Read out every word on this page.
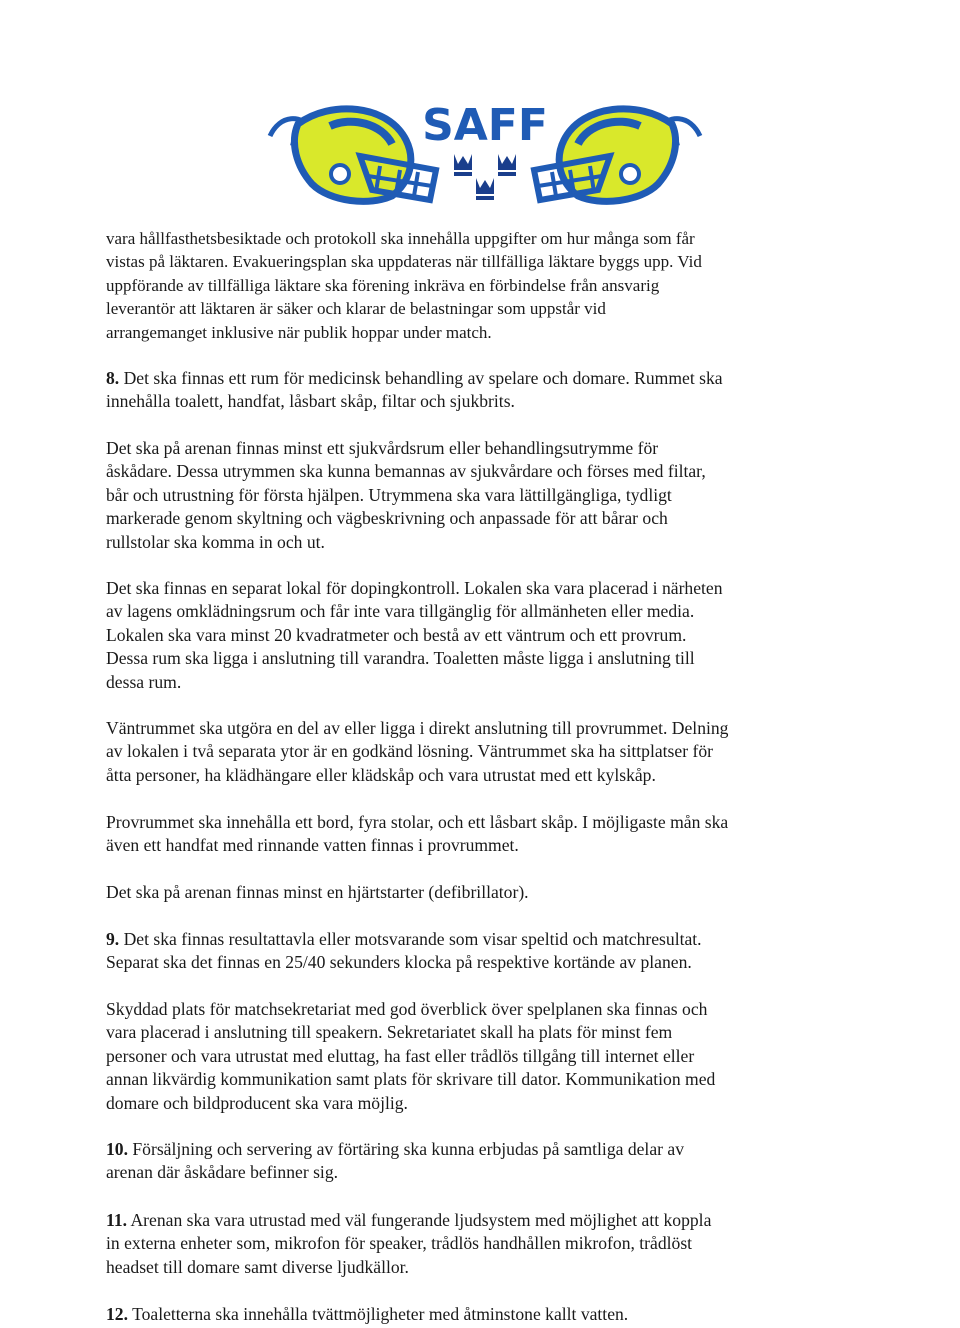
SAFF
vara hållfasthetsbesiktade och protokoll ska innehålla uppgifter om hur många som får
vistas på läktaren. Evakueringsplan ska uppdateras när tillfälliga läktare byggs upp. Vid
uppförande av tillfälliga läktare ska förening inkräva en förbindelse från ansvarig
leverantör att läktaren är säker och klarar de belastningar som uppstår vid
arrangemanget inklusive när publik hoppar under match.
8. Det ska finnas ett rum för medicinsk behandling av spelare och domare. Rummet ska
innehålla toalett, handfat, låsbart skåp, filtar och sjukbrits.
Det ska på arenan finnas minst ett sjukvårdsrum eller behandlingsutrymme för
åskådare. Dessa utrymmen ska kunna bemannas av sjukvårdare och förses med filtar,
bår och utrustning för första hjälpen. Utrymmena ska vara lättillgängliga, tydligt
markerade genom skyltning och vägbeskrivning och anpassade för att bårar och
rullstolar ska komma in och ut.
Det ska finnas en separat lokal för dopingkontroll. Lokalen ska vara placerad i närheten
av lagens omklädningsrum och får inte vara tillgänglig för allmänheten eller media.
Lokalen ska vara minst 20 kvadratmeter och bestå av ett väntrum och ett provrum.
Dessa rum ska ligga i anslutning till varandra. Toaletten måste ligga i anslutning till
dessa rum.
Väntrummet ska utgöra en del av eller ligga i direkt anslutning till provrummet. Delning
av lokalen i två separata ytor är en godkänd lösning. Väntrummet ska ha sittplatser för
åtta personer, ha klädhängare eller klädskåp och vara utrustat med ett kylskåp.
Provrummet ska innehålla ett bord, fyra stolar, och ett låsbart skåp. I möjligaste mån ska
även ett handfat med rinnande vatten finnas i provrummet.
Det ska på arenan finnas minst en hjärtstarter (defibrillator).
9. Det ska finnas resultattavla eller motsvarande som visar speltid och matchresultat.
Separat ska det finnas en 25/40 sekunders klocka på respektive kortände av planen.
Skyddad plats för matchsekretariat med god överblick över spelplanen ska finnas och
vara placerad i anslutning till speakern. Sekretariatet skall ha plats för minst fem
personer och vara utrustat med eluttag, ha fast eller trådlös tillgång till internet eller
annan likvärdig kommunikation samt plats för skrivare till dator. Kommunikation med
domare och bildproducent ska vara möjlig.
10. Försäljning och servering av förtäring ska kunna erbjudas på samtliga delar av
arenan där åskådare befinner sig.
11. Arenan ska vara utrustad med väl fungerande ljudsystem med möjlighet att koppla
in externa enheter som, mikrofon för speaker, trådlös handhållen mikrofon, trådlöst
headset till domare samt diverse ljudkällor.
12. Toaletterna ska innehålla tvättmöjligheter med åtminstone kallt vatten.
